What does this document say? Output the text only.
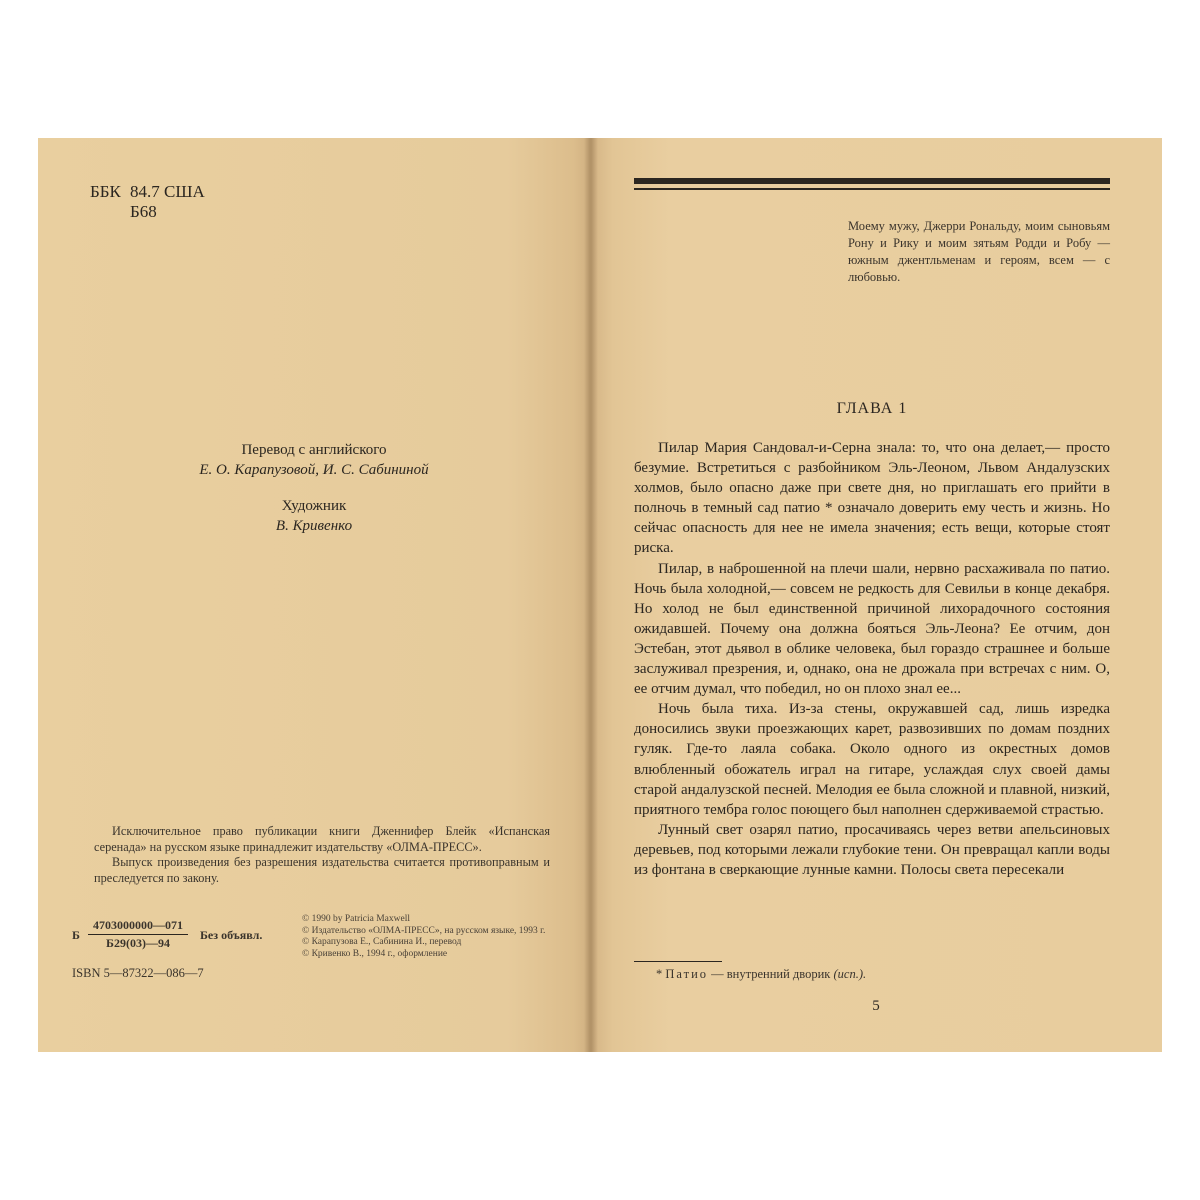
ББК 84.7 США
Б68
Перевод с английского
Е. О. Карапузовой, И. С. Сабининой
Художник
В. Кривенко

Исключительное право публикации книги Дженнифер Блейк «Испанская серенада» на русском языке принадлежит издательству «ОЛМА-ПРЕСС».

Выпуск произведения без разрешения издательства считается противоправным и преследуется по закону.

Б
4703000000—071
Б29(03)—94
Без объявл.
ISBN 5—87322—086—7
© 1990 by Patricia Maxwell
© Издательство «ОЛМА-ПРЕСС», на русском языке, 1993 г.
© Карапузова Е., Сабинина И., перевод
© Кривенко В., 1994 г., оформление
Моему мужу, Джерри Рональду, моим сыновьям Рону и Рику и моим зятьям Родди и Робу — южным джентльменам и героям, всем — с любовью.
ГЛАВА 1

Пилар Мария Сандовал-и-Серна знала: то, что она делает,— просто безумие. Встретиться с разбойником Эль-Леоном, Львом Андалузских холмов, было опасно даже при свете дня, но приглашать его прийти в полночь в темный сад патио * означало доверить ему честь и жизнь. Но сейчас опасность для нее не имела значения; есть вещи, которые стоят риска.

Пилар, в наброшенной на плечи шали, нервно расхаживала по патио. Ночь была холодной,— совсем не редкость для Севильи в конце декабря. Но холод не был единственной причиной лихорадочного состояния ожидавшей. Почему она должна бояться Эль-Леона? Ее отчим, дон Эстебан, этот дьявол в облике человека, был гораздо страшнее и больше заслуживал презрения, и, однако, она не дрожала при встречах с ним. О, ее отчим думал, что победил, но он плохо знал ее...

Ночь была тиха. Из-за стены, окружавшей сад, лишь изредка доносились звуки проезжающих карет, развозивших по домам поздних гуляк. Где-то лаяла собака. Около одного из окрестных домов влюбленный обожатель играл на гитаре, услаждая слух своей дамы старой андалузской песней. Мелодия ее была сложной и плавной, низкий, приятного тембра голос поющего был наполнен сдерживаемой страстью.

Лунный свет озарял патио, просачиваясь через ветви апельсиновых деревьев, под которыми лежали глубокие тени. Он превращал капли воды из фонтана в сверкающие лунные камни. Полосы света пересекали

* Патио — внутренний дворик (исп.).
5
